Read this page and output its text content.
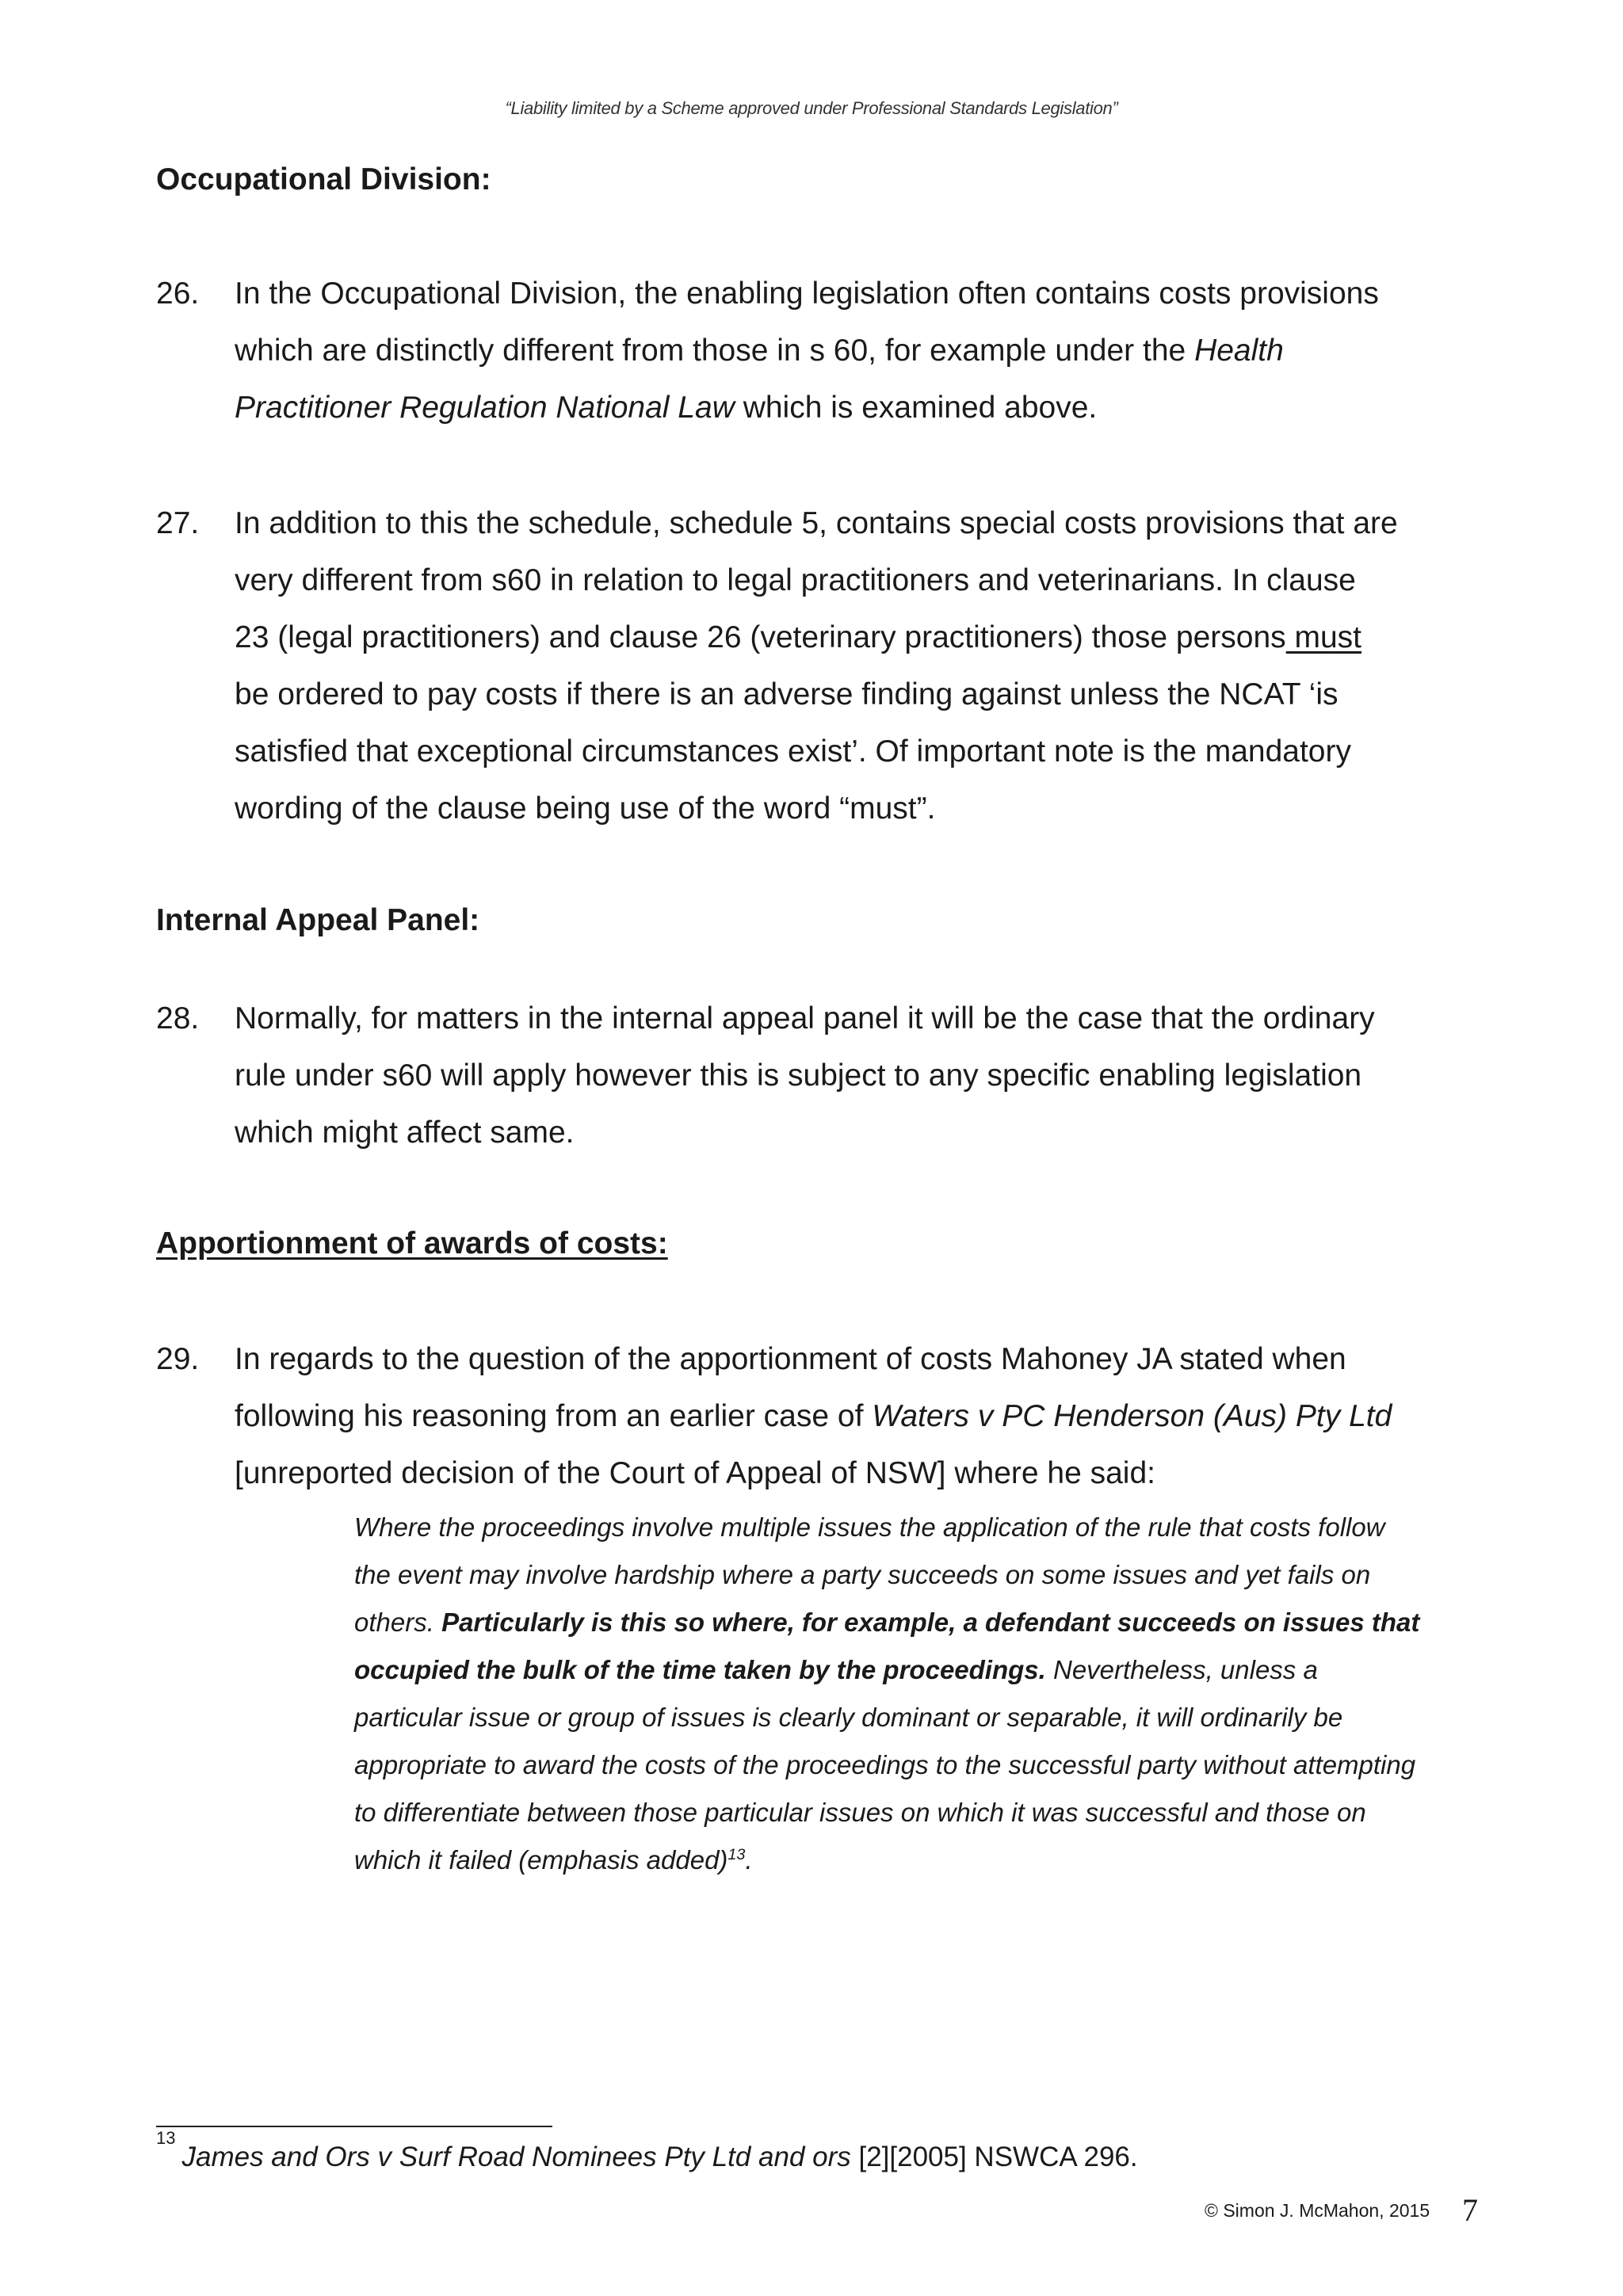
“Liability limited by a Scheme approved under Professional Standards Legislation”
Occupational Division:
26. In the Occupational Division, the enabling legislation often contains costs provisions
which are distinctly different from those in s 60, for example under the Health
Practitioner Regulation National Law which is examined above.
27. In addition to this the schedule, schedule 5, contains special costs provisions that are
very different from s60 in relation to legal practitioners and veterinarians. In clause
23 (legal practitioners) and clause 26 (veterinary practitioners) those persons must
be ordered to pay costs if there is an adverse finding against unless the NCAT ‘is
satisfied that exceptional circumstances exist’. Of important note is the mandatory
wording of the clause being use of the word “must”.
Internal Appeal Panel:
28. Normally, for matters in the internal appeal panel it will be the case that the ordinary
rule under s60 will apply however this is subject to any specific enabling legislation
which might affect same.
Apportionment of awards of costs:
29. In regards to the question of the apportionment of costs Mahoney JA stated when
following his reasoning from an earlier case of Waters v PC Henderson (Aus) Pty Ltd
[unreported decision of the Court of Appeal of NSW] where he said:
Where the proceedings involve multiple issues the application of the rule that costs follow
the event may involve hardship where a party succeeds on some issues and yet fails on
others. Particularly is this so where, for example, a defendant succeeds on issues that
occupied the bulk of the time taken by the proceedings. Nevertheless, unless a
particular issue or group of issues is clearly dominant or separable, it will ordinarily be
appropriate to award the costs of the proceedings to the successful party without attempting
to differentiate between those particular issues on which it was successful and those on
which it failed (emphasis added)$^{13}$.
$^{13}$James and Ors v Surf Road Nominees Pty Ltd and ors [2][2005] NSWCA 296.
© Simon J. McMahon, 2015 7
